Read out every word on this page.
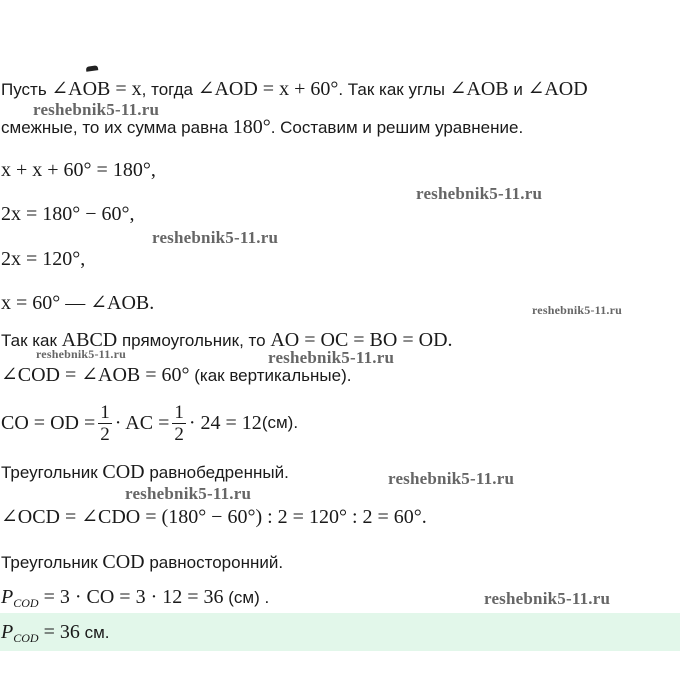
Пусть ∠AOB = x, тогда ∠AOD = x + 60°. Так как углы ∠AOB и ∠AOD
смежные, то их сумма равна 180°. Составим и решим уравнение.
x + x + 60° = 180°,
2x = 180° − 60°,
2x = 120°,
x = 60° — ∠AOB.
Так как ABCD прямоугольник, то AO = OC = BO = OD.
∠COD = ∠AOB = 60° (как вертикальные).
CO = OD = $\frac{1}{2}$ · AC = $\frac{1}{2} \cdot 24 = 12$ (см).
Треугольник COD равнобедренный.
∠OCD = ∠CDO = (180° − 60°) : 2 = 120° : 2 = 60°.
Треугольник COD равносторонний.
$P_{COD} = 3$ · CO = 3 · 12 = 36 (см) .
$P_{COD} = 36$ см.
reshebnik5-11.ru
reshebnik5-11.ru
reshebnik5-11.ru
reshebnik5-11.ru
reshebnik5-11.ru	reshebnik5-11.ru
reshebnik5-11.ru
reshebnik5-11.ru
reshebnik5-11.ru
